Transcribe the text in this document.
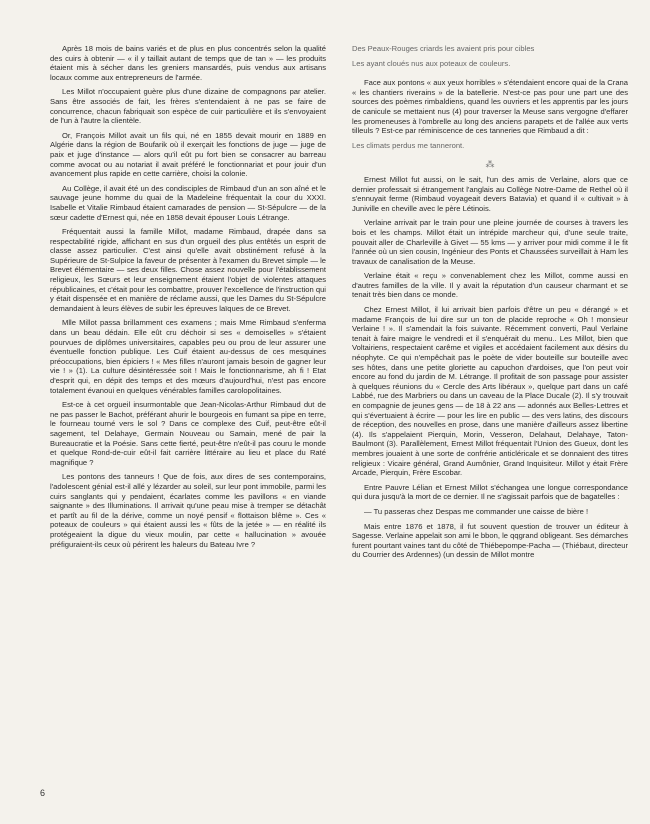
Après 18 mois de bains variés et de plus en plus concentrés selon la qualité des cuirs à obtenir — « il y taillait autant de temps que de tan » — les produits étaient mis à sécher dans les greniers mansardés, puis vendus aux artisans locaux comme aux entrepreneurs de l'armée.

Les Millot n'occupaient guère plus d'une dizaine de compagnons par atelier. Sans être associés de fait, les frères s'entendaient à ne pas se faire de concurrence, chacun fabriquait son espèce de cuir particulière et ils s'envoyaient de l'un à l'autre la clientèle.

Or, François Millot avait un fils qui, né en 1855 devait mourir en 1889 en Algérie dans la région de Boufarik où il exerçait les fonctions de juge — juge de paix et juge d'instance — alors qu'il eût pu fort bien se consacrer au barreau comme avocat ou au notariat il avait préféré le fonctionnariat et pour jouir d'un avancement plus rapide en cette carrière, choisi la colonie.

Au Collège, il avait été un des condisciples de Rimbaud d'un an son aîné et le sauvage jeune homme du quai de la Madeleine fréquentait la cour du XXXI. Isabelle et Vitalie Rimbaud étaient camarades de pension — St-Sépulcre — de la sœur cadette d'Ernest qui, née en 1858 devait épouser Louis Létrange.

Fréquentait aussi la famille Millot, madame Rimbaud, drapée dans sa respectabilité rigide, affichant en sus d'un orgueil des plus entêtés un esprit de classe assez particulier. C'est ainsi qu'elle avait obstinément refusé à la Supérieure de St-Sulpice la faveur de présenter à l'examen du Brevet simple — le Brevet élémentaire — ses deux filles. Chose assez nouvelle pour l'établissement religieux, les Sœurs et leur enseignement étaient l'objet de violentes attaques républicaines, et c'était pour les combattre, prouver l'excellence de l'instruction qui y était dispensée et en manière de réclame aussi, que les Dames du St-Sépulcre demandaient à leurs élèves de subir les épreuves laïques de ce Brevet.

Mlle Millot passa brillamment ces examens ; mais Mme Rimbaud s'enferma dans un beau dédain. Elle eût cru déchoir si ses « demoiselles » s'étaient pourvues de diplômes universitaires, capables peu ou prou de leur assurer une éventuelle fonction publique. Les Cuif étaient au-dessus de ces mesquines préoccupations, bien épiciers ! « Mes filles n'auront jamais besoin de gagner leur vie ! » (1). La culture désintéressée soit ! Mais le fonctionnarisme, ah fi ! Etat d'esprit qui, en dépit des temps et des mœurs d'aujourd'hui, n'est pas encore totalement évanoui en quelques vénérables familles carolopolitaines.

Est-ce à cet orgueil insurmontable que Jean-Nicolas-Arthur Rimbaud dut de ne pas passer le Bachot, préférant ahurir le bourgeois en fumant sa pipe en terre, le fourneau tourné vers le sol ? Dans ce complexe des Cuif, peut-être eût-il sagement, tel Delahaye, Germain Nouveau ou Samain, mené de pair la Bureaucratie et la Poésie. Sans cette fierté, peut-être n'eût-il pas couru le monde et quelque Rond-de-cuir eût-il fait carrière littéraire au lieu et place du Raté magnifique ?

Les pontons des tanneurs ! Que de fois, aux dires de ses contemporains, l'adolescent génial est-il allé y lézarder au soleil, sur leur pont immobile, parmi les cuirs sanglants qui y pendaient, écarlates comme les pavillons « en viande saignante » des Illuminations. Il arrivait qu'une peau mise à tremper se détachât et partît au fil de la dérive, comme un noyé pensif « flottaison blême ». Ces « poteaux de couleurs » qui étaient aussi les « fûts de la jetée » — en réalité ils protégeaient la digue du vieux moulin, par cette « hallucination » avouée préfiguraient-ils ceux où périrent les haleurs du Bateau Ivre ?

Des Peaux-Rouges criards les avaient pris pour cibles

Les ayant cloués nus aux poteaux de couleurs.

Face aux pontons « aux yeux horribles » s'étendaient encore quai de la Crana « les chantiers riverains » de la batellerie. N'est-ce pas pour une part une des sources des poèmes rimbaldiens, quand les ouvriers et les apprentis par les jours de canicule se mettaient nus (4) pour traverser la Meuse sans vergogne d'effarer les promeneuses à l'ombrelle au long des anciens parapets et de l'allée aux verts tilleuls ? Est-ce par réminiscence de ces tanneries que Rimbaud a dit :

Les climats perdus me tanneront.

⁂

Ernest Millot fut aussi, on le sait, l'un des amis de Verlaine, alors que ce dernier professait si étrangement l'anglais au Collège Notre-Dame de Rethel où il s'ennuyait ferme (Rimbaud voyageait devers Batavia) et quand il « cultivait » à Juniville en cheville avec le père Létinois.

Verlaine arrivait par le train pour une pleine journée de courses à travers les bois et les champs. Millot était un intrépide marcheur qui, d'une seule traite, pouvait aller de Charleville à Givet — 55 kms — y arriver pour midi comme il le fit l'année où un sien cousin, Ingénieur des Ponts et Chaussées surveillait à Ham les travaux de canalisation de la Meuse.

Verlaine était « reçu » convenablement chez les Millot, comme aussi en d'autres familles de la ville. Il y avait la réputation d'un causeur charmant et se tenait très bien dans ce monde.

Chez Ernest Millot, il lui arrivait bien parfois d'être un peu « dérangé » et madame François de lui dire sur un ton de placide reproche « Oh ! monsieur Verlaine ! ». Il s'amendait la fois suivante. Récemment converti, Paul Verlaine tenait à faire maigre le vendredi et il s'enquérait du menu.. Les Millot, bien que Voltairiens, respectaient carême et vigiles et accédaient facilement aux désirs du néophyte. Ce qui n'empêchait pas le poète de vider bouteille sur bouteille avec ses hôtes, dans une petite gloriette au capuchon d'ardoises, que l'on peut voir encore au fond du jardin de M. Létrange. Il profitait de son passage pour assister à quelques réunions du « Cercle des Arts libéraux », quelque part dans un café Labbé, rue des Marbriers ou dans un caveau de la Place Ducale (2). Il s'y trouvait en compagnie de jeunes gens — de 18 à 22 ans — adonnés aux Belles-Lettres et qui s'évertuaient à écrire — pour les lire en public — des vers latins, des discours de réception, des nouvelles en prose, dans une manière d'ailleurs assez libertine (4). Ils s'appelaient Pierquin, Morin, Vesseron, Delahaut, Delahaye, Taton-Baulmont (3). Parallèlement, Ernest Millot fréquentait l'Union des Gueux, dont les membres jouaient à une sorte de confrérie anticléricale et se donnaient des titres religieux : Vicaire général, Grand Aumônier, Grand Inquisiteur. Millot y était Frère Arcade, Pierquin, Frère Escobar.

Entre Pauvre Lélian et Ernest Millot s'échangea une longue correspondance qui dura jusqu'à la mort de ce dernier. Il ne s'agissait parfois que de bagatelles :

— Tu passeras chez Despas me commander une caisse de bière !

Mais entre 1876 et 1878, il fut souvent question de trouver un éditeur à Sagesse. Verlaine appelait son ami le bbon, le qqgrand obligeant. Ses démarches furent pourtant vaines tant du côté de Thiébepompe-Pacha — (Thiébaut, directeur du Courrier des Ardennes) (un dessin de Millot montre

6
